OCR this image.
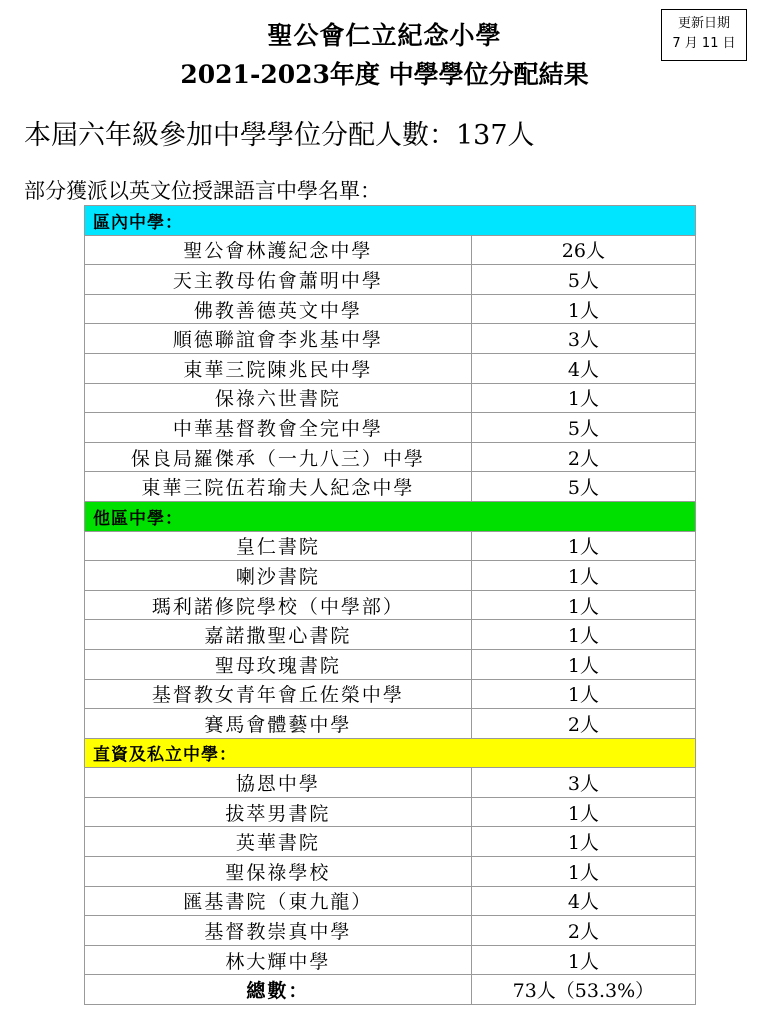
聖公會仁立紀念小學
2021-2023年度 中學學位分配結果
更新日期
7 月 11 日
本屆六年級參加中學學位分配人數：137人
部分獲派以英文位授課語言中學名單：
區內中學：	
聖公會林護紀念中學	26人
天主教母佑會蕭明中學	5人
佛教善德英文中學	1人
順德聯誼會李兆基中學	3人
東華三院陳兆民中學	4人
保祿六世書院	1人
中華基督教會全完中學	5人
保良局羅傑承（一九八三）中學	2人
東華三院伍若瑜夫人紀念中學	5人
他區中學：	
皇仁書院	1人
喇沙書院	1人
瑪利諾修院學校（中學部）	1人
嘉諾撒聖心書院	1人
聖母玫瑰書院	1人
基督教女青年會丘佐榮中學	1人
賽馬會體藝中學	2人
直資及私立中學：	
協恩中學	3人
拔萃男書院	1人
英華書院	1人
聖保祿學校	1人
匯基書院（東九龍）	4人
基督教崇真中學	2人
林大輝中學	1人
總數：	73人（53.3%）
